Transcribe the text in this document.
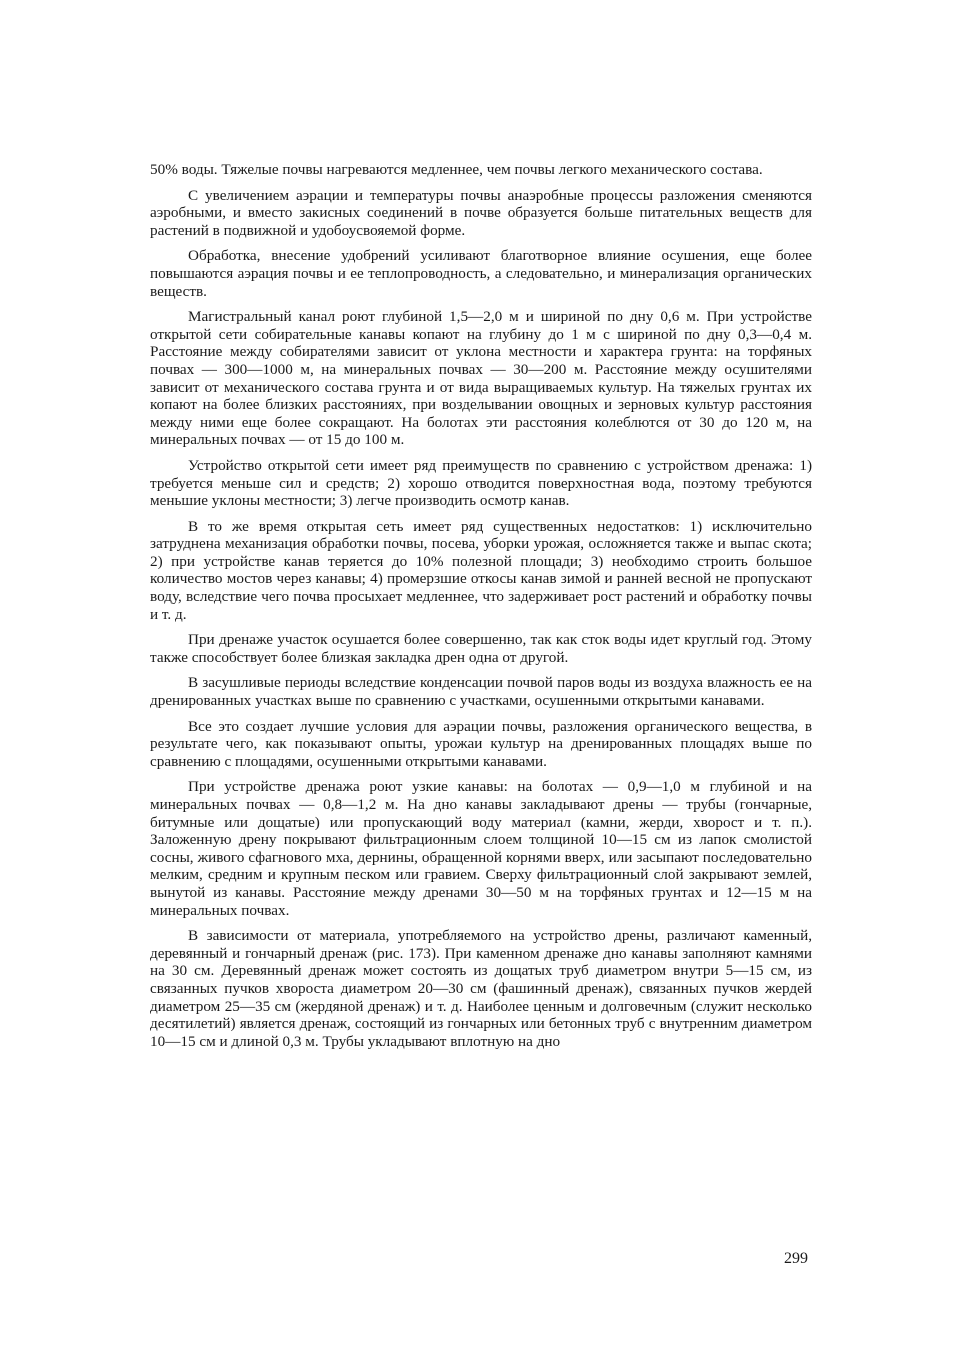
50% воды. Тяжелые почвы нагреваются медленнее, чем почвы легкого механического состава.

С увеличением аэрации и температуры почвы анаэробные процессы разложения сменяются аэробными, и вместо закисных соединений в почве образуется больше питательных веществ для растений в подвижной и удобоусвояемой форме.

Обработка, внесение удобрений усиливают благотворное влияние осушения, еще более повышаются аэрация почвы и ее теплопроводность, а следовательно, и минерализация органических веществ.

Магистральный канал роют глубиной 1,5—2,0 м и шириной по дну 0,6 м. При устройстве открытой сети собирательные канавы копают на глубину до 1 м с шириной по дну 0,3—0,4 м. Расстояние между собирателями зависит от уклона местности и характера грунта: на торфяных почвах — 300—1000 м, на минеральных почвах — 30—200 м. Расстояние между осушителями зависит от механического состава грунта и от вида выращиваемых культур. На тяжелых грунтах их копают на более близких расстояниях, при возделывании овощных и зерновых культур расстояния между ними еще более сокращают. На болотах эти расстояния колеблются от 30 до 120 м, на минеральных почвах — от 15 до 100 м.

Устройство открытой сети имеет ряд преимуществ по сравнению с устройством дренажа: 1) требуется меньше сил и средств; 2) хорошо отводится поверхностная вода, поэтому требуются меньшие уклоны местности; 3) легче производить осмотр канав.

В то же время открытая сеть имеет ряд существенных недостатков: 1) исключительно затруднена механизация обработки почвы, посева, уборки урожая, осложняется также и выпас скота; 2) при устройстве канав теряется до 10% полезной площади; 3) необходимо строить большое количество мостов через канавы; 4) промерзшие откосы канав зимой и ранней весной не пропускают воду, вследствие чего почва просыхает медленнее, что задерживает рост растений и обработку почвы и т. д.

При дренаже участок осушается более совершенно, так как сток воды идет круглый год. Этому также способствует более близкая закладка дрен одна от другой.

В засушливые периоды вследствие конденсации почвой паров воды из воздуха влажность ее на дренированных участках выше по сравнению с участками, осушенными открытыми канавами.

Все это создает лучшие условия для аэрации почвы, разложения органического вещества, в результате чего, как показывают опыты, урожаи культур на дренированных площадях выше по сравнению с площадями, осушенными открытыми канавами.

При устройстве дренажа роют узкие канавы: на болотах — 0,9—1,0 м глубиной и на минеральных почвах — 0,8—1,2 м. На дно канавы закладывают дрены — трубы (гончарные, битумные или дощатые) или пропускающий воду материал (камни, жерди, хворост и т. п.). Заложенную дрену покрывают фильтрационным слоем толщиной 10—15 см из лапок смолистой сосны, живого сфагнового мха, дернины, обращенной корнями вверх, или засыпают последовательно мелким, средним и крупным песком или гравием. Сверху фильтрационный слой закрывают землей, вынутой из канавы. Расстояние между дренами 30—50 м на торфяных грунтах и 12—15 м на минеральных почвах.

В зависимости от материала, употребляемого на устройство дрены, различают каменный, деревянный и гончарный дренаж (рис. 173). При каменном дренаже дно канавы заполняют камнями на 30 см. Деревянный дренаж может состоять из дощатых труб диаметром внутри 5—15 см, из связанных пучков хвороста диаметром 20—30 см (фашинный дренаж), связанных пучков жердей диаметром 25—35 см (жердяной дренаж) и т. д. Наиболее ценным и долговечным (служит несколько десятилетий) является дренаж, состоящий из гончарных или бетонных труб с внутренним диаметром 10—15 см и длиной 0,3 м. Трубы укладывают вплотную на дно

299
